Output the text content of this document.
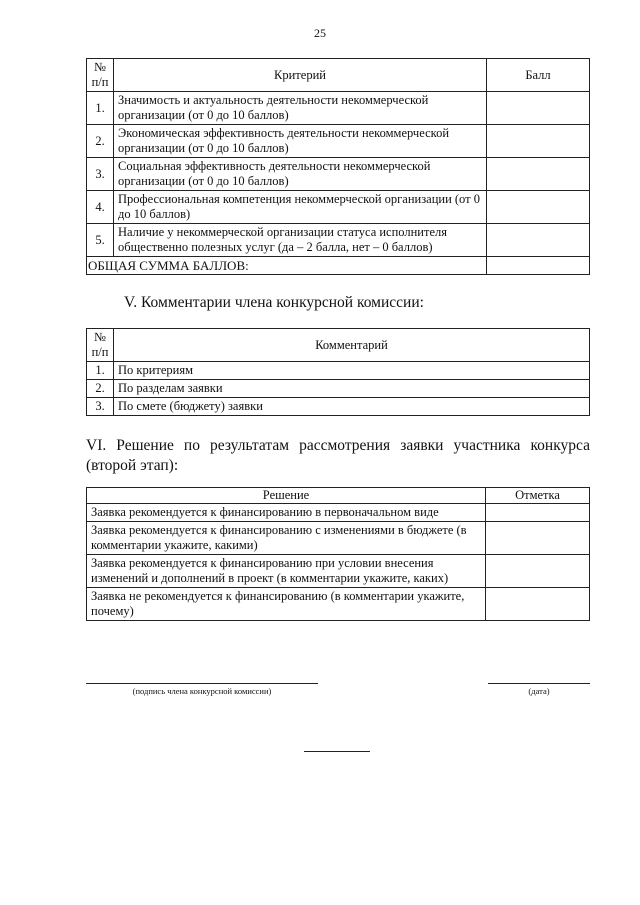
25
№
п/п	Критерий	Балл
1.	Значимость и актуальность деятельности некоммерческой организации (от 0 до 10 баллов)	
2.	Экономическая эффективность деятельности некоммерческой организации (от 0 до 10 баллов)	
3.	Социальная эффективность деятельности некоммерческой организации (от 0 до 10 баллов)	
4.	Профессиональная компетенция некоммерческой организации (от 0 до 10 баллов)	
5.	Наличие у некоммерческой организации статуса исполнителя общественно полезных услуг (да – 2 балла, нет – 0 баллов)	
ОБЩАЯ СУММА БАЛЛОВ:		
V. Комментарии члена конкурсной комиссии:
№
п/п	Комментарий
1.	По критериям
2.	По разделам заявки
3.	По смете (бюджету) заявки
VI. Решение по результатам рассмотрения заявки участника конкурса (второй этап):
Решение	Отметка
Заявка рекомендуется к финансированию в первоначальном виде	
Заявка рекомендуется к финансированию с изменениями в бюджете (в комментарии укажите, какими)	
Заявка рекомендуется к финансированию при условии внесения изменений и дополнений в проект (в комментарии укажите, каких)	
Заявка не рекомендуется к финансированию (в комментарии укажите, почему)	
(подпись члена конкурсной комиссии)	(дата)
